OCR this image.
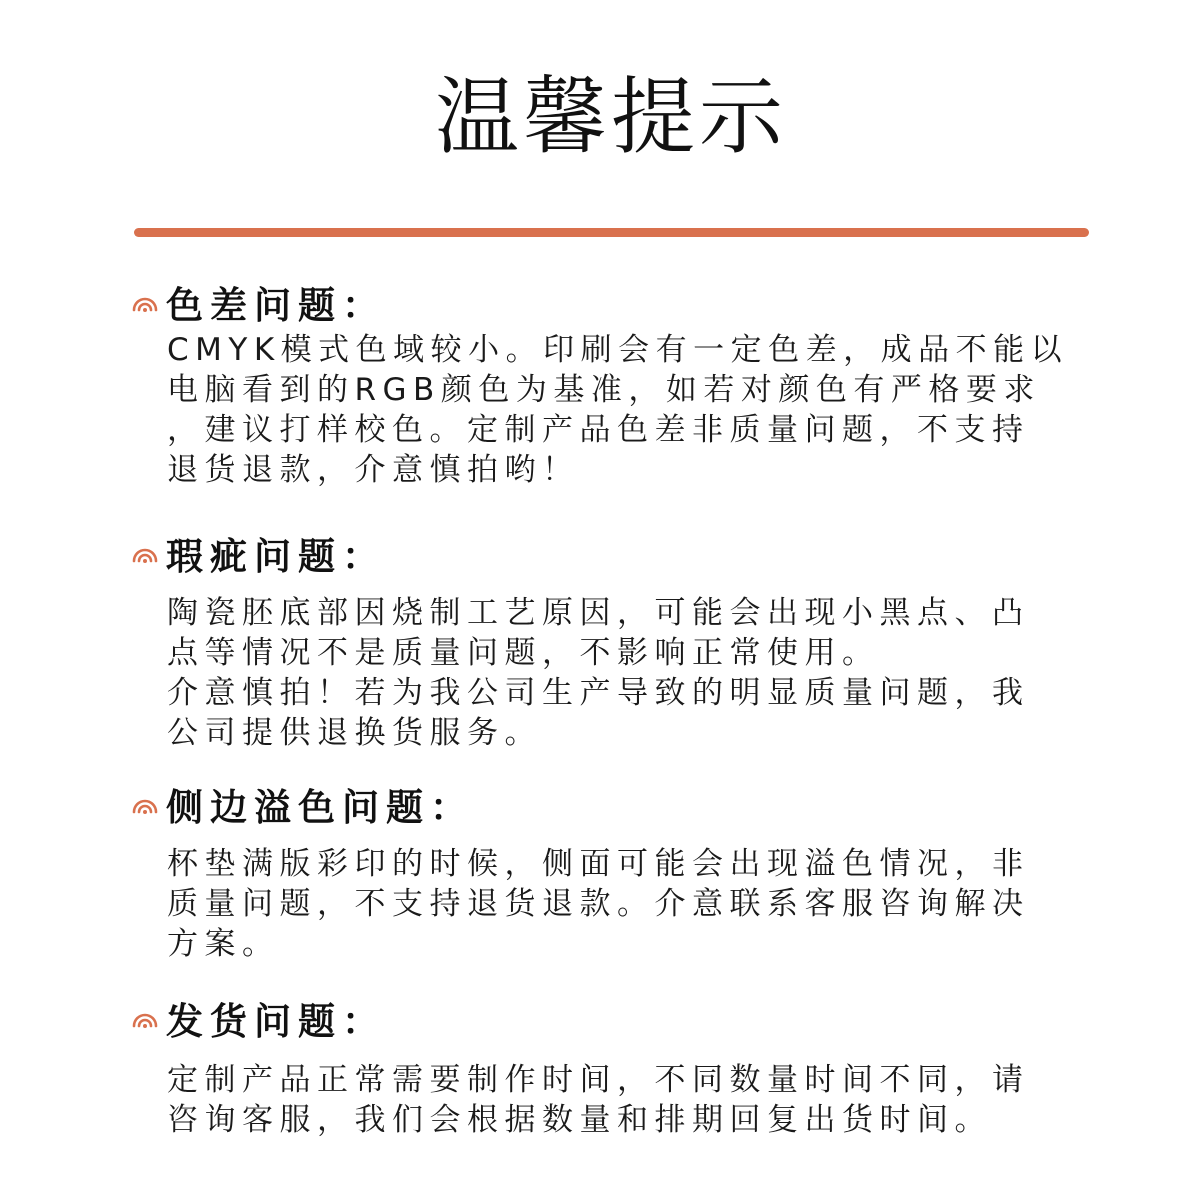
温馨提示
色差问题：
CMYK模式色域较小。印刷会有一定色差，成品不能以
电脑看到的RGB颜色为基准，如若对颜色有严格要求
，建议打样校色。定制产品色差非质量问题，不支持
退货退款，介意慎拍哟！
瑕疵问题：
陶瓷胚底部因烧制工艺原因，可能会出现小黑点、凸
点等情况不是质量问题，不影响正常使用。
介意慎拍！若为我公司生产导致的明显质量问题，我
公司提供退换货服务。
侧边溢色问题：
杯垫满版彩印的时候，侧面可能会出现溢色情况，非
质量问题，不支持退货退款。介意联系客服咨询解决
方案。
发货问题：
定制产品正常需要制作时间，不同数量时间不同，请
咨询客服，我们会根据数量和排期回复出货时间。
